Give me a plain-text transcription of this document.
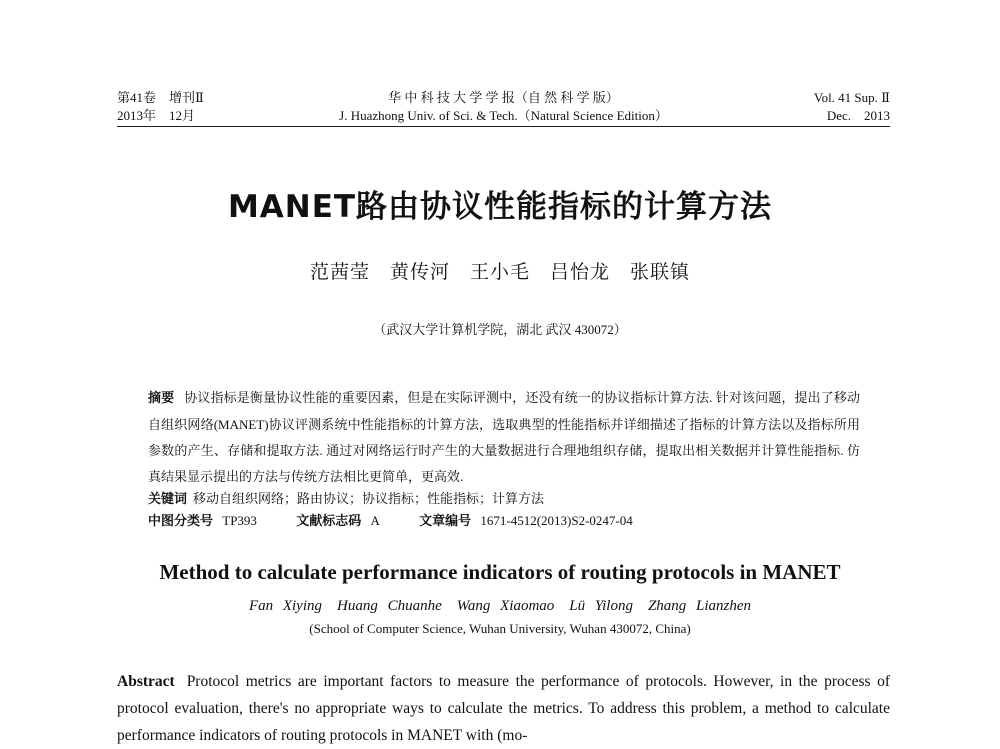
第41卷　增刊Ⅱ
2013年　12月
华 中 科 技 大 学 学 报（自 然 科 学 版）
J. Huazhong Univ. of Sci. & Tech.（Natural Science Edition）
Vol. 41 Sup. Ⅱ
Dec.　2013
MANET路由协议性能指标的计算方法
范茜莹　黄传河　王小毛　吕怡龙　张联镇
（武汉大学计算机学院，湖北 武汉 430072）
摘要 协议指标是衡量协议性能的重要因素，但是在实际评测中，还没有统一的协议指标计算方法. 针对该问题，提出了移动自组织网络(MANET)协议评测系统中性能指标的计算方法，选取典型的性能指标并详细描述了指标的计算方法以及指标所用参数的产生、存储和提取方法. 通过对网络运行时产生的大量数据进行合理地组织存储，提取出相关数据并计算性能指标. 仿真结果显示提出的方法与传统方法相比更简单，更高效.
关键词 移动自组织网络；路由协议；协议指标；性能指标；计算方法
中图分类号 TP393	文献标志码 A	文章编号 1671-4512(2013)S2-0247-04
Method to calculate performance indicators of routing protocols in MANET
Fan Xiying　Huang Chuanhe　Wang Xiaomao　Lü Yilong　Zhang Lianzhen
(School of Computer Science, Wuhan University, Wuhan 430072, China)
Abstract Protocol metrics are important factors to measure the performance of protocols. However, in the process of protocol evaluation, there's no appropriate ways to calculate the metrics. To address this problem, a method to calculate performance indicators of routing protocols in MANET with (mo-
